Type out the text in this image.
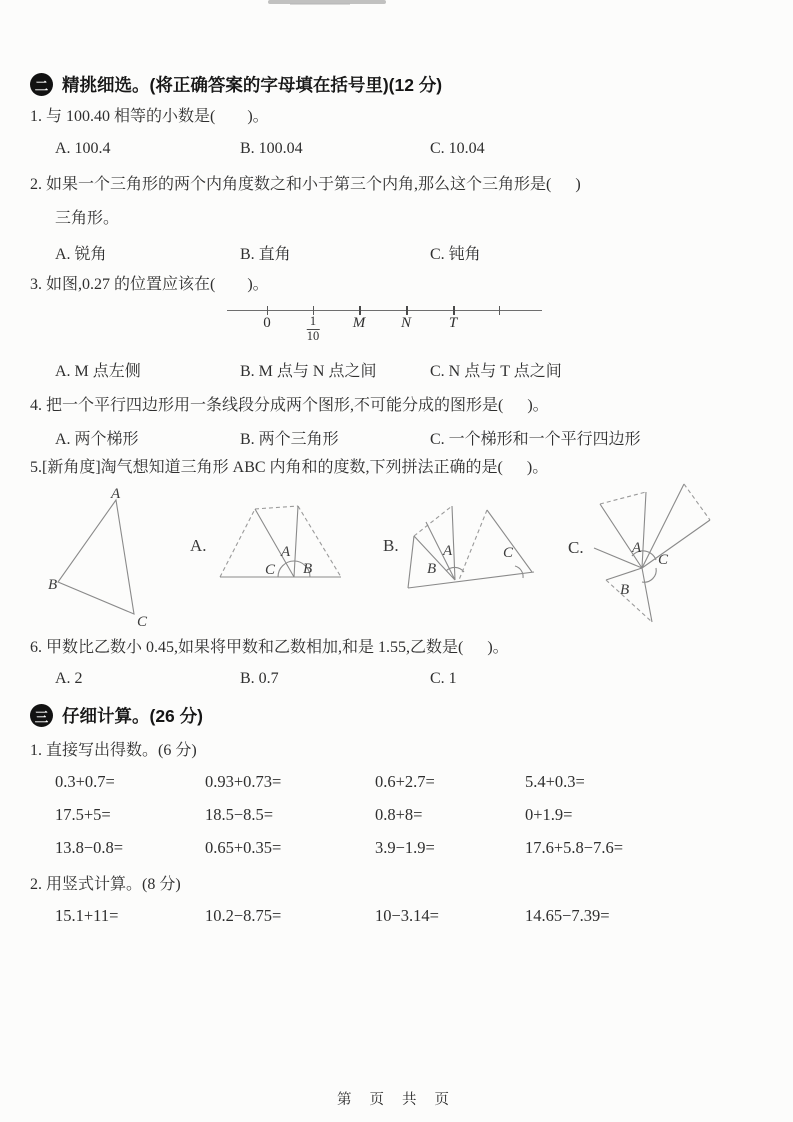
二 精挑细选。(将正确答案的字母填在括号里)(12 分)
1. 与 100.40 相等的小数是(        )。
A. 100.4	B. 100.04	C. 10.04
2. 如果一个三角形的两个内角度数之和小于第三个内角,那么这个三角形是(      )
三角形。
A. 锐角	B. 直角	C. 钝角
3. 如图,0.27 的位置应该在(        )。
0	$\frac{1}{10}$ M N	T
A. M 点左侧	B. M 点与 N 点之间	C. N 点与 T 点之间
4. 把一个平行四边形用一条线段分成两个图形,不可能分成的图形是(      )。
A. 两个梯形	B. 两个三角形	C. 一个梯形和一个平行四边形
5.[新角度]淘气想知道三角形 ABC 内角和的度数,下列拼法正确的是(      )。
A
B
C
A.
C
A
B
B.	A
B
C	C.	A
C
B
6. 甲数比乙数小 0.45,如果将甲数和乙数相加,和是 1.55,乙数是(      )。
A. 2	B. 0.7	C. 1
三 仔细计算。(26 分)
1. 直接写出得数。(6 分)
0.3+0.7=	0.93+0.73=	0.6+2.7=	5.4+0.3=
17.5+5=	18.5−8.5=	0.8+8=	0+1.9=
13.8−0.8=	0.65+0.35=	3.9−1.9=	17.6+5.8−7.6=
2. 用竖式计算。(8 分)
15.1+11=	10.2−8.75=	10−3.14=	14.65−7.39=
第 页 共 页
